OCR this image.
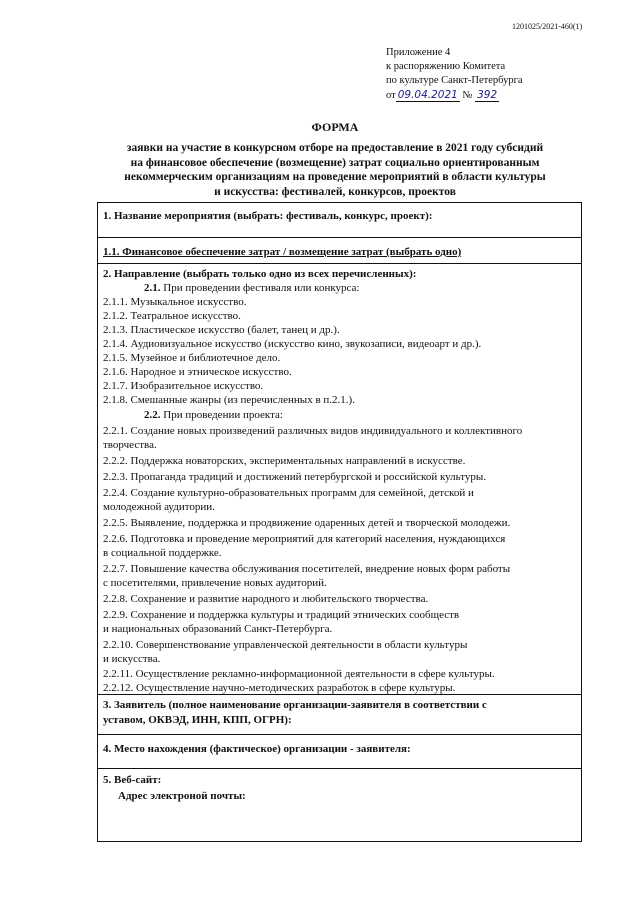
1201025/2021-460(1)
Приложение 4
к распоряжению Комитета
по культуре Санкт-Петербурга
от 09.04.2021 № 392
ФОРМА
заявки на участие в конкурсном отборе на предоставление в 2021 году субсидий
на финансовое обеспечение (возмещение) затрат социально ориентированным
некоммерческим организациям на проведение мероприятий в области культуры
и искусства: фестивалей, конкурсов, проектов
1. Название мероприятия (выбрать: фестиваль, конкурс, проект):
1.1. Финансовое обеспечение затрат / возмещение затрат (выбрать одно)
2. Направление (выбрать только одно из всех перечисленных):
2.1. При проведении фестиваля или конкурса:
2.1.1. Музыкальное искусство.
2.1.2. Театральное искусство.
2.1.3. Пластическое искусство (балет, танец и др.).
2.1.4. Аудиовизуальное искусство (искусство кино, звукозаписи, видеоарт и др.).
2.1.5. Музейное и библиотечное дело.
2.1.6. Народное и этническое искусство.
2.1.7. Изобразительное искусство.
2.1.8. Смешанные жанры (из перечисленных в п.2.1.).
2.2. При проведении проекта:
2.2.1. Создание новых произведений различных видов индивидуального и коллективного
творчества.
2.2.2. Поддержка новаторских, экспериментальных направлений в искусстве.
2.2.3. Пропаганда традиций и достижений петербургской и российской культуры.
2.2.4. Создание культурно-образовательных программ для семейной, детской и
молодежной аудитории.
2.2.5. Выявление, поддержка и продвижение одаренных детей и творческой молодежи.
2.2.6. Подготовка и проведение мероприятий для категорий населения, нуждающихся
в социальной поддержке.
2.2.7. Повышение качества обслуживания посетителей, внедрение новых форм работы
с посетителями, привлечение новых аудиторий.
2.2.8. Сохранение и развитие народного и любительского творчества.
2.2.9. Сохранение и поддержка культуры и традиций этнических сообществ
и национальных образований Санкт-Петербурга.
2.2.10. Совершенствование управленческой деятельности в области культуры
и искусства.
2.2.11. Осуществление рекламно-информационной деятельности в сфере культуры.
2.2.12. Осуществление научно-методических разработок в сфере культуры.
3. Заявитель (полное наименование организации-заявителя в соответствии с
уставом, ОКВЭД, ИНН, КПП, ОГРН):
4. Место нахождения (фактическое) организации - заявителя:
5. Веб-сайт:
Адрес электроной почты:
